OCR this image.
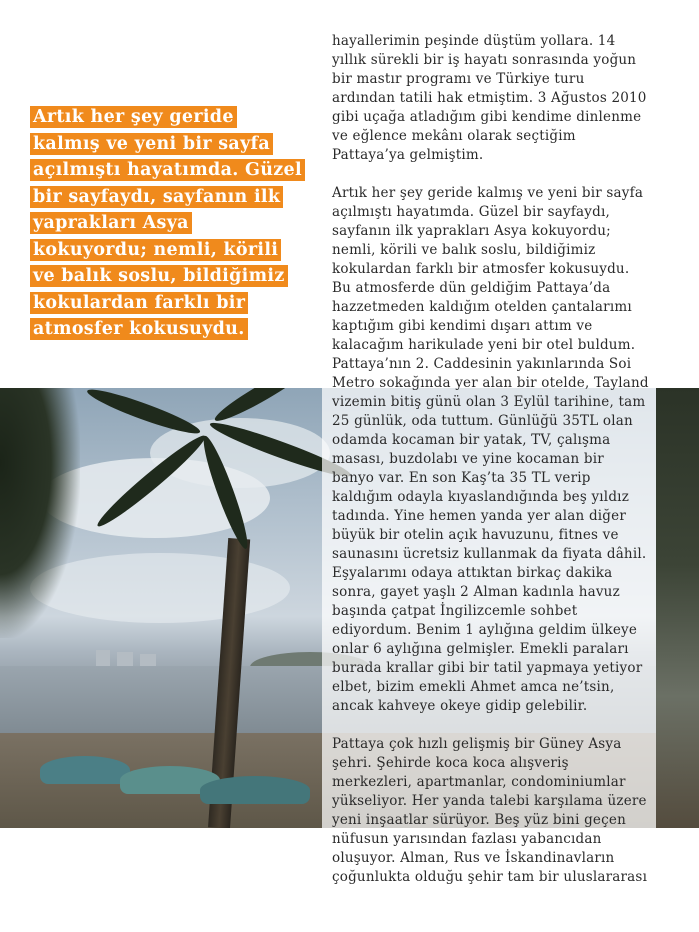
Artık her şey geride kalmış ve yeni bir sayfa açılmıştı hayatımda. Güzel bir sayfaydı, sayfanın ilk yaprakları Asya kokuyordu; nemli, körili ve balık soslu, bildiğimiz kokulardan farklı bir atmosfer kokusuydu.

hayallerimin peşinde düştüm yollara. 14 yıllık sürekli bir iş hayatı sonrasında yoğun bir mastır programı ve Türkiye turu ardından tatili hak etmiştim. 3 Ağustos 2010 gibi uçağa atladığım gibi kendime dinlenme ve eğlence mekânı olarak seçtiğim Pattaya’ya gelmiştim.

Artık her şey geride kalmış ve yeni bir sayfa açılmıştı hayatımda. Güzel bir sayfaydı, sayfanın ilk yaprakları Asya kokuyordu; nemli, körili ve balık soslu, bildiğimiz kokulardan farklı bir atmosfer kokusuydu. Bu atmosferde dün geldiğim Pattaya’da hazzetmeden kaldığım otelden çantalarımı kaptığım gibi kendimi dışarı attım ve kalacağım harikulade yeni bir otel buldum. Pattaya’nın 2. Caddesinin yakınlarında Soi Metro sokağında yer alan bir otelde, Tayland vizemin bitiş günü olan 3 Eylül tarihine, tam 25 günlük, oda tuttum. Günlüğü 35TL olan odamda kocaman bir yatak, TV, çalışma masası, buzdolabı ve yine kocaman bir banyo var. En son Kaş’ta 35 TL verip kaldığım odayla kıyaslandığında beş yıldız tadında. Yine hemen yanda yer alan diğer büyük bir otelin açık havuzunu, fitnes ve saunasını ücretsiz kullanmak da fiyata dâhil. Eşyalarımı odaya attıktan birkaç dakika sonra, gayet yaşlı 2 Alman kadınla havuz başında çatpat İngilizcemle sohbet ediyordum. Benim 1 aylığına geldim ülkeye onlar 6 aylığına gelmişler. Emekli paraları burada krallar gibi bir tatil yapmaya yetiyor elbet, bizim emekli Ahmet amca ne’tsin, ancak kahveye okeye gidip gelebilir.

Pattaya çok hızlı gelişmiş bir Güney Asya şehri. Şehirde koca koca alışveriş merkezleri, apartmanlar, condominiumlar yükseliyor. Her yanda talebi karşılama üzere yeni inşaatlar sürüyor. Beş yüz bini geçen nüfusun yarısından fazlası yabancıdan oluşuyor. Alman, Rus ve İskandinavların çoğunlukta olduğu şehir tam bir uluslararası
